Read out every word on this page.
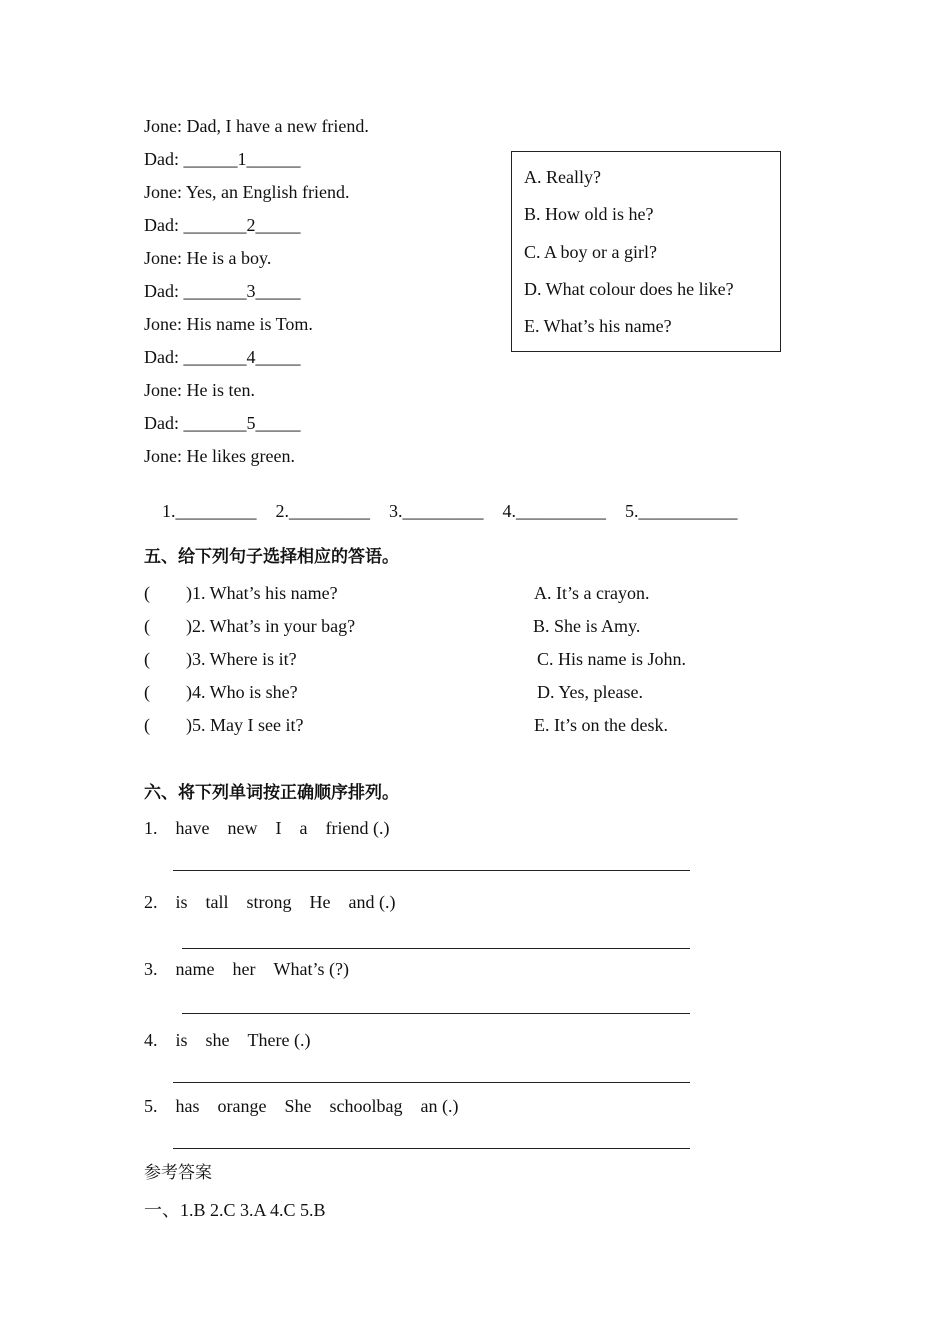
Jone: Dad, I have a new friend.
Dad: ______1______
Jone: Yes, an English friend.
Dad: _______2_____
Jone: He is a boy.
Dad: _______3_____
Jone: His name is Tom.
Dad: _______4_____
Jone: He is ten.
Dad: _______5_____
Jone: He likes green.

1._________ 2._________ 3._________ 4.__________ 5.___________

A. Really?
B. How old is he?
C. A boy or a girl?
D. What colour does he like?
E. What’s his name?
五、给下列句子选择相应的答语。
(        )1. What’s his name?
(        )2. What’s in your bag?
(        )3. Where is it?
(        )4. Who is she?
(        )5. May I see it?
A. It’s a crayon.
B. She is Amy.
C. His name is John.
D. Yes, please.
E. It’s on the desk.
六、将下列单词按正确顺序排列。
1. have new I a friend (.)
2. is tall strong He and (.)
3. name her What’s (?)
4. is she There (.)
5. has orange She schoolbag an (.)
参考答案
一、1.B 2.C 3.A 4.C 5.B
